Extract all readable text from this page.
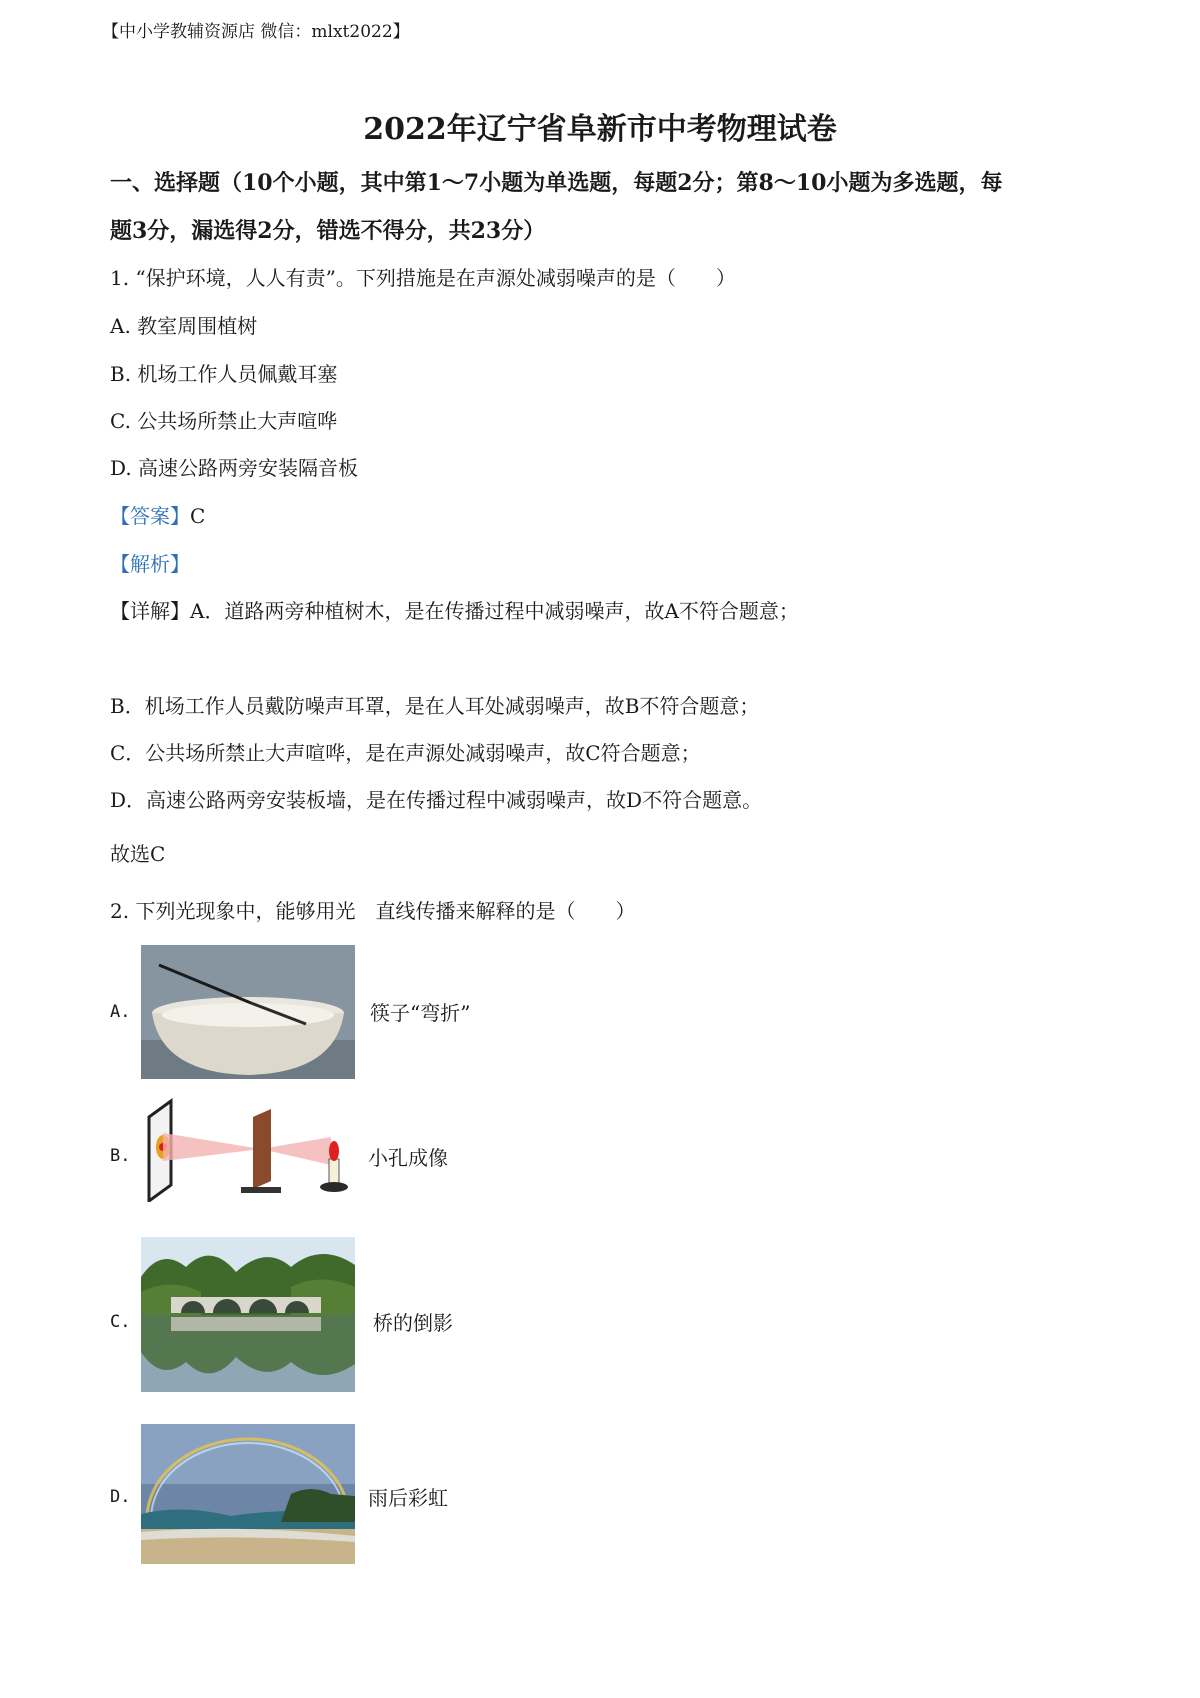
【中小学教辅资源店 微信：mlxt2022】
2022年辽宁省阜新市中考物理试卷
一、选择题（10个小题，其中第1～7小题为单选题，每题2分；第8～10小题为多选题，每
题3分，漏选得2分，错选不得分，共23分）
1. “保护环境，人人有责”。下列措施是在声源处减弱噪声的是（　　）
A. 教室周围植树
B. 机场工作人员佩戴耳塞
C. 公共场所禁止大声喧哗
D. 高速公路两旁安装隔音板
【答案】C
【解析】
【详解】A．道路两旁种植树木，是在传播过程中减弱噪声，故A不符合题意；
B．机场工作人员戴防噪声耳罩，是在人耳处减弱噪声，故B不符合题意；
C．公共场所禁止大声喧哗，是在声源处减弱噪声，故C符合题意；
D．高速公路两旁安装板墙，是在传播过程中减弱噪声，故D不符合题意。
故选C
2. 下列光现象中，能够用光　直线传播来解释的是（　　）
A.	筷子“弯折”
B.	小孔成像
C.	桥的倒影
D.	雨后彩虹
